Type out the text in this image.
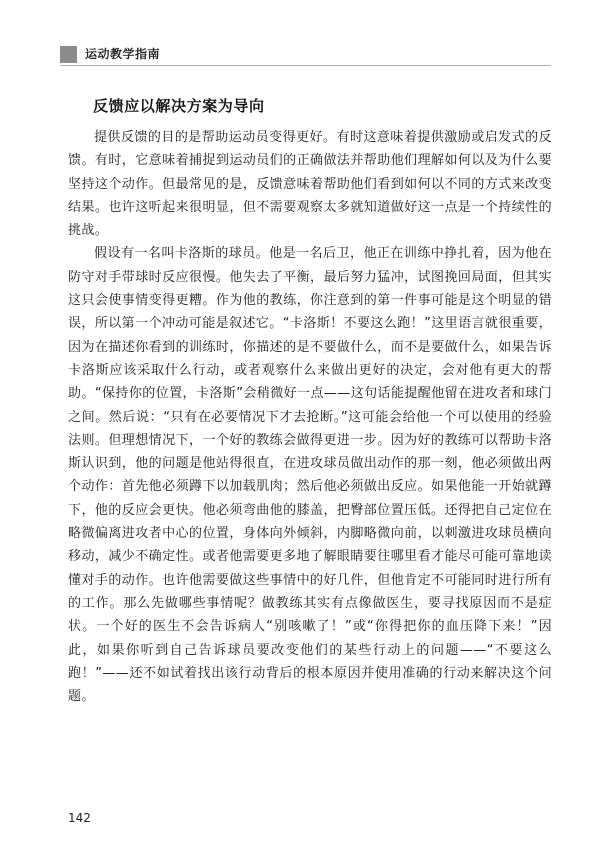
运动教学指南
反馈应以解决方案为导向

提供反馈的目的是帮助运动员变得更好。有时这意味着提供激励或启发式的反馈。有时，它意味着捕捉到运动员们的正确做法并帮助他们理解如何以及为什么要坚持这个动作。但最常见的是，反馈意味着帮助他们看到如何以不同的方式来改变结果。也许这听起来很明显，但不需要观察太多就知道做好这一点是一个持续性的挑战。

假设有一名叫卡洛斯的球员。他是一名后卫，他正在训练中挣扎着，因为他在防守对手带球时反应很慢。他失去了平衡，最后努力猛冲，试图挽回局面，但其实这只会使事情变得更糟。作为他的教练，你注意到的第一件事可能是这个明显的错误，所以第一个冲动可能是叙述它。“卡洛斯！不要这么跑！”这里语言就很重要，因为在描述你看到的训练时，你描述的是不要做什么，而不是要做什么，如果告诉卡洛斯应该采取什么行动，或者观察什么来做出更好的决定，会对他有更大的帮助。“保持你的位置，卡洛斯”会稍微好一点——这句话能提醒他留在进攻者和球门之间。然后说：“只有在必要情况下才去抢断。”这可能会给他一个可以使用的经验法则。但理想情况下，一个好的教练会做得更进一步。因为好的教练可以帮助卡洛斯认识到，他的问题是他站得很直，在进攻球员做出动作的那一刻，他必须做出两个动作：首先他必须蹲下以加载肌肉；然后他必须做出反应。如果他能一开始就蹲下，他的反应会更快。他必须弯曲他的膝盖，把臀部位置压低。还得把自己定位在略微偏离进攻者中心的位置，身体向外倾斜，内脚略微向前，以刺激进攻球员横向移动，减少不确定性。或者他需要更多地了解眼睛要往哪里看才能尽可能可靠地读懂对手的动作。也许他需要做这些事情中的好几件，但他肯定不可能同时进行所有的工作。那么先做哪些事情呢？做教练其实有点像做医生，要寻找原因而不是症状。一个好的医生不会告诉病人“别咳嗽了！”或“你得把你的血压降下来！”因此，如果你听到自己告诉球员要改变他们的某些行动上的问题——“不要这么跑！”——还不如试着找出该行动背后的根本原因并使用准确的行动来解决这个问题。

142
